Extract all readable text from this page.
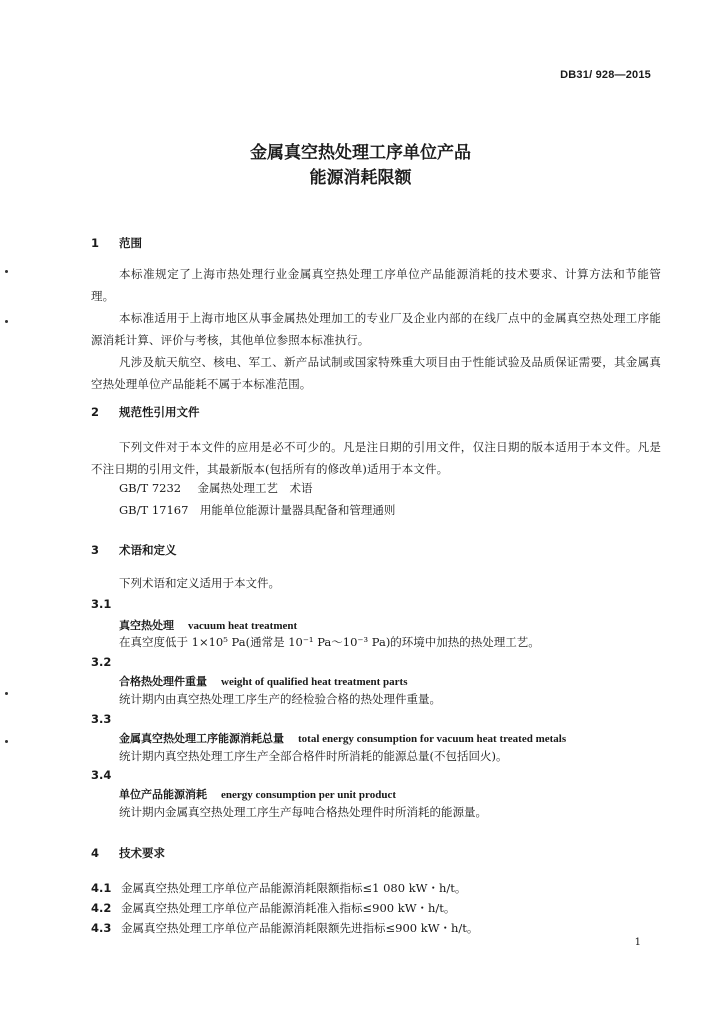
DB31/ 928—2015
金属真空热处理工序单位产品
能源消耗限额
1 范围
本标准规定了上海市热处理行业金属真空热处理工序单位产品能源消耗的技术要求、计算方法和节能管理。
本标准适用于上海市地区从事金属热处理加工的专业厂及企业内部的在线厂点中的金属真空热处理工序能源消耗计算、评价与考核，其他单位参照本标准执行。
凡涉及航天航空、核电、军工、新产品试制或国家特殊重大项目由于性能试验及品质保证需要，其金属真空热处理单位产品能耗不属于本标准范围。
2 规范性引用文件
下列文件对于本文件的应用是必不可少的。凡是注日期的引用文件，仅注日期的版本适用于本文件。凡是不注日期的引用文件，其最新版本(包括所有的修改单)适用于本文件。
GB/T 7232　 金属热处理工艺　术语
GB/T 17167　 用能单位能源计量器具配备和管理通则
3 术语和定义
下列术语和定义适用于本文件。
3.1
真空热处理 vacuum heat treatment
在真空度低于 1×10⁵ Pa(通常是 10⁻¹ Pa～10⁻³ Pa)的环境中加热的热处理工艺。
3.2
合格热处理件重量 weight of qualified heat treatment parts
统计期内由真空热处理工序生产的经检验合格的热处理件重量。
3.3
金属真空热处理工序能源消耗总量 total energy consumption for vacuum heat treated metals
统计期内真空热处理工序生产全部合格件时所消耗的能源总量(不包括回火)。
3.4
单位产品能源消耗 energy consumption per unit product
统计期内金属真空热处理工序生产每吨合格热处理件时所消耗的能源量。
4 技术要求
4.1 金属真空热处理工序单位产品能源消耗限额指标≤1 080 kW・h/t。
4.2 金属真空热处理工序单位产品能源消耗准入指标≤900 kW・h/t。
4.3 金属真空热处理工序单位产品能源消耗限额先进指标≤900 kW・h/t。
1
